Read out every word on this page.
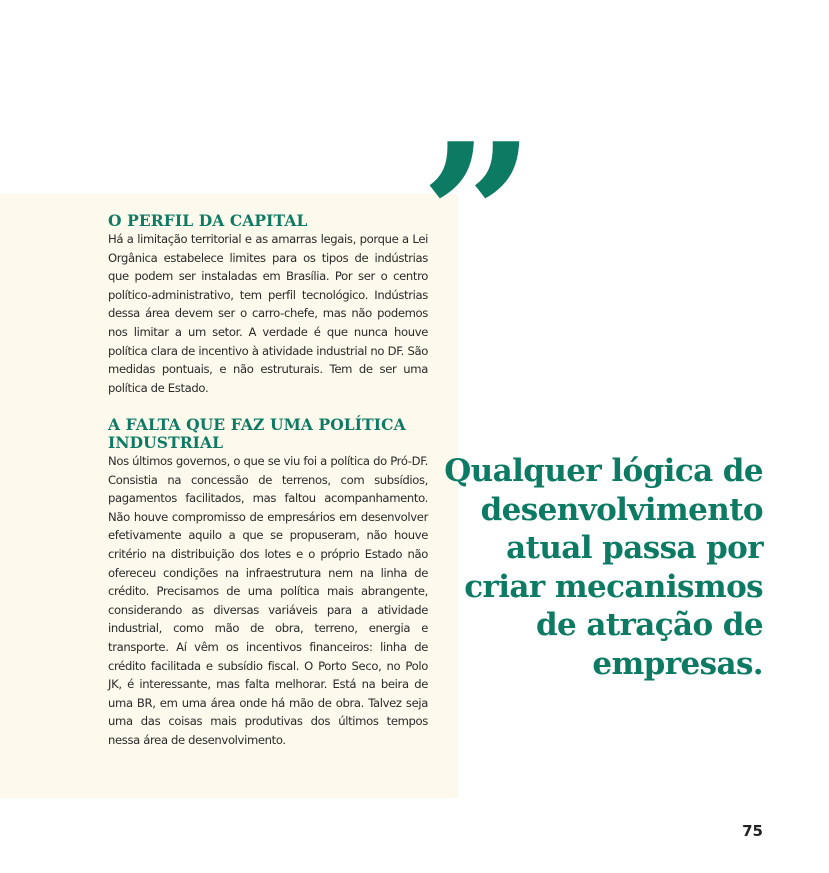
”
O PERFIL DA CAPITAL

Há a limitação territorial e as amarras legais, porque a Lei Orgânica estabelece limites para os tipos de indústrias que podem ser instaladas em Brasília. Por ser o centro político-administrativo, tem perfil tecnológico. Indústrias dessa área devem ser o carro-chefe, mas não podemos nos limitar a um setor. A verdade é que nunca houve política clara de incentivo à atividade industrial no DF. São medidas pontuais, e não estruturais. Tem de ser uma política de Estado.

A FALTA QUE FAZ UMA POLÍTICA INDUSTRIAL

Nos últimos governos, o que se viu foi a política do Pró-DF. Consistia na concessão de terrenos, com subsídios, pagamentos facilitados, mas faltou acompanhamento. Não houve compromisso de empresários em desenvolver efetivamente aquilo a que se propuseram, não houve critério na distribuição dos lotes e o próprio Estado não ofereceu condições na infraestrutura nem na linha de crédito. Precisamos de uma política mais abrangente, considerando as diversas variáveis para a atividade industrial, como mão de obra, terreno, energia e transporte. Aí vêm os incentivos financeiros: linha de crédito facilitada e subsídio fiscal. O Porto Seco, no Polo JK, é interessante, mas falta melhorar. Está na beira de uma BR, em uma área onde há mão de obra. Talvez seja uma das coisas mais produtivas dos últimos tempos nessa área de desenvolvimento.

Qualquer lógica de desenvolvimento atual passa por criar mecanismos de atração de empresas.

75
